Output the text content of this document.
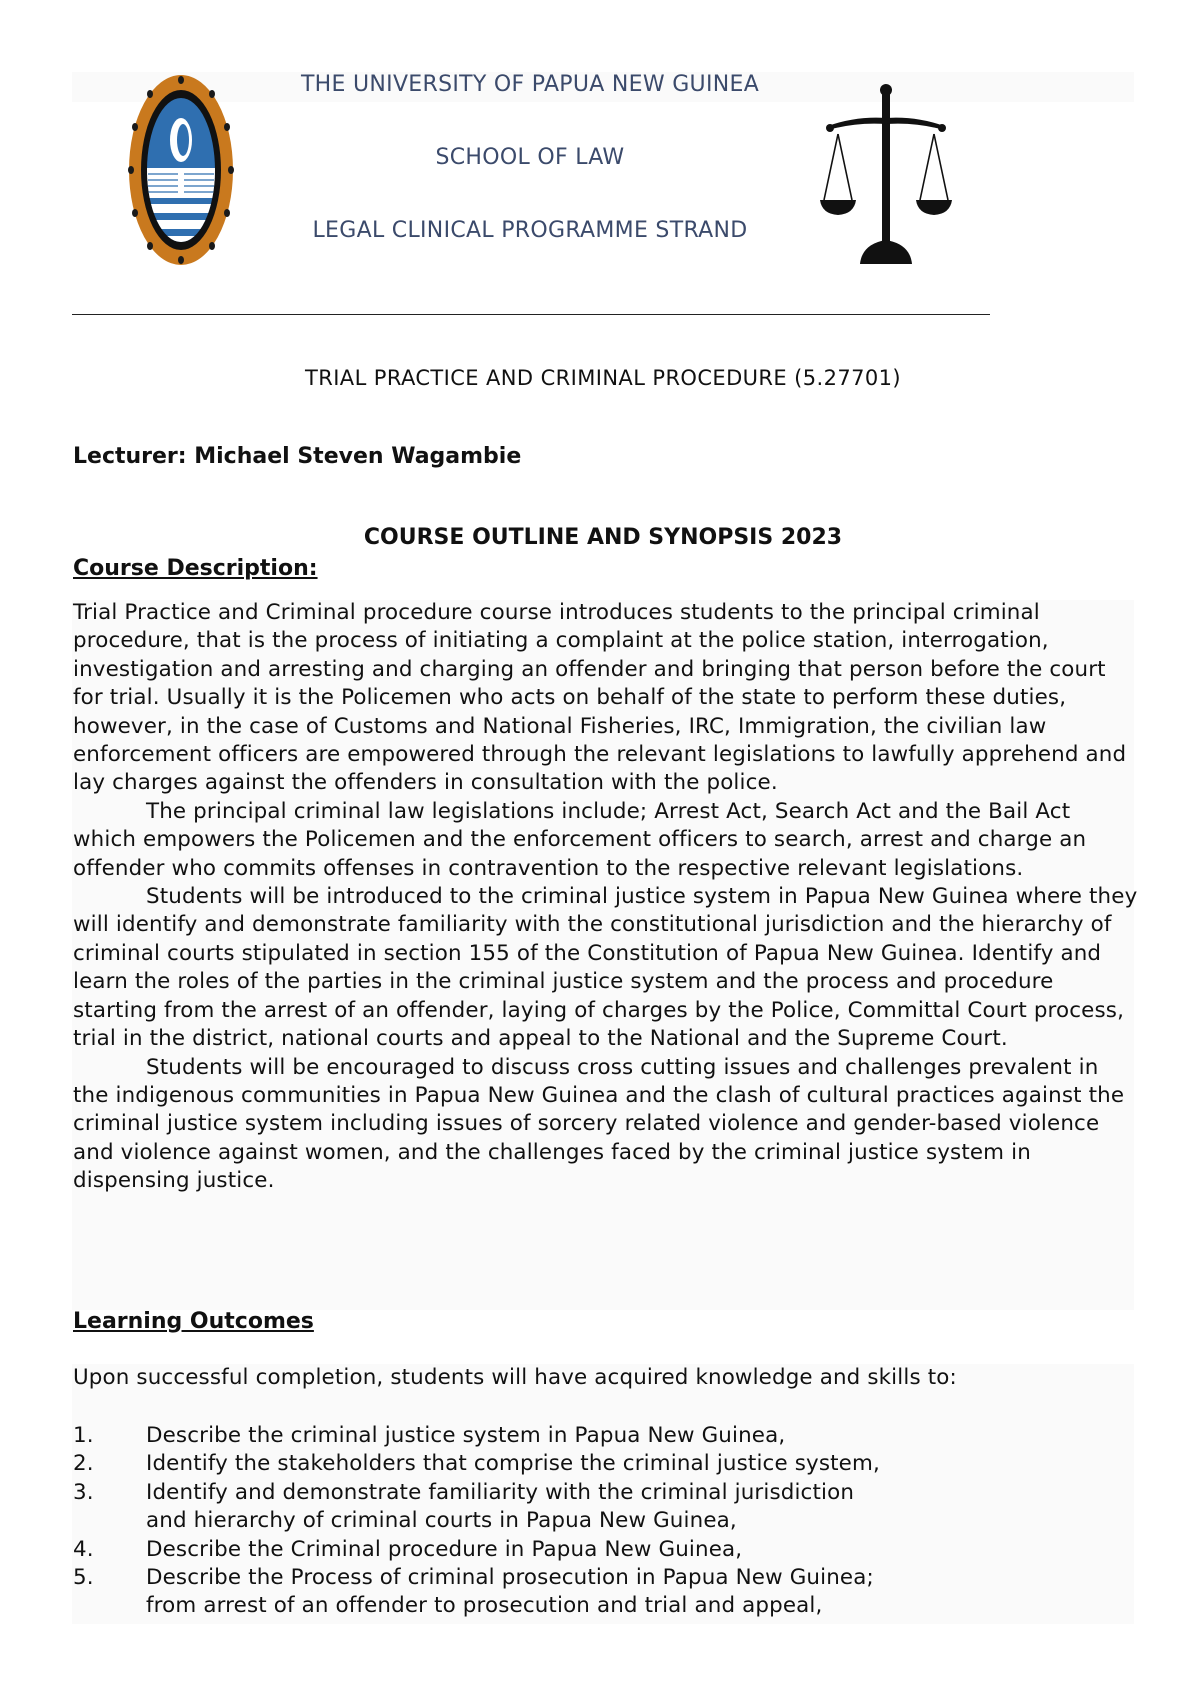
THE UNIVERSITY OF PAPUA NEW GUINEA
SCHOOL OF LAW
LEGAL CLINICAL PROGRAMME STRAND
TRIAL PRACTICE AND CRIMINAL PROCEDURE (5.27701)
Lecturer: Michael Steven Wagambie
COURSE OUTLINE AND SYNOPSIS 2023
Course Description:

Trial Practice and Criminal procedure course introduces students to the principal criminal procedure, that is the process of initiating a complaint at the police station, interrogation, investigation and arresting and charging an offender and bringing that person before the court for trial. Usually it is the Policemen who acts on behalf of the state to perform these duties, however, in the case of Customs and National Fisheries, IRC, Immigration, the civilian law enforcement officers are empowered through the relevant legislations to lawfully apprehend and lay charges against the offenders in consultation with the police.

The principal criminal law legislations include; Arrest Act, Search Act and the Bail Act which empowers the Policemen and the enforcement officers to search, arrest and charge an offender who commits offenses in contravention to the respective relevant legislations.

Students will be introduced to the criminal justice system in Papua New Guinea where they will identify and demonstrate familiarity with the constitutional jurisdiction and the hierarchy of criminal courts stipulated in section 155 of the Constitution of Papua New Guinea. Identify and learn the roles of the parties in the criminal justice system and the process and procedure starting from the arrest of an offender, laying of charges by the Police, Committal Court process, trial in the district, national courts and appeal to the National and the Supreme Court.

Students will be encouraged to discuss cross cutting issues and challenges prevalent in the indigenous communities in Papua New Guinea and the clash of cultural practices against the criminal justice system including issues of sorcery related violence and gender-based violence and violence against women, and the challenges faced by the criminal justice system in dispensing justice.

Learning Outcomes
Upon successful completion, students will have acquired knowledge and skills to:
1. Describe the criminal justice system in Papua New Guinea,
2. Identify the stakeholders that comprise the criminal justice system,
3. Identify and demonstrate familiarity with the criminal jurisdiction
and hierarchy of criminal courts in Papua New Guinea,
4. Describe the Criminal procedure in Papua New Guinea,
5. Describe the Process of criminal prosecution in Papua New Guinea;
from arrest of an offender to prosecution and trial and appeal,
